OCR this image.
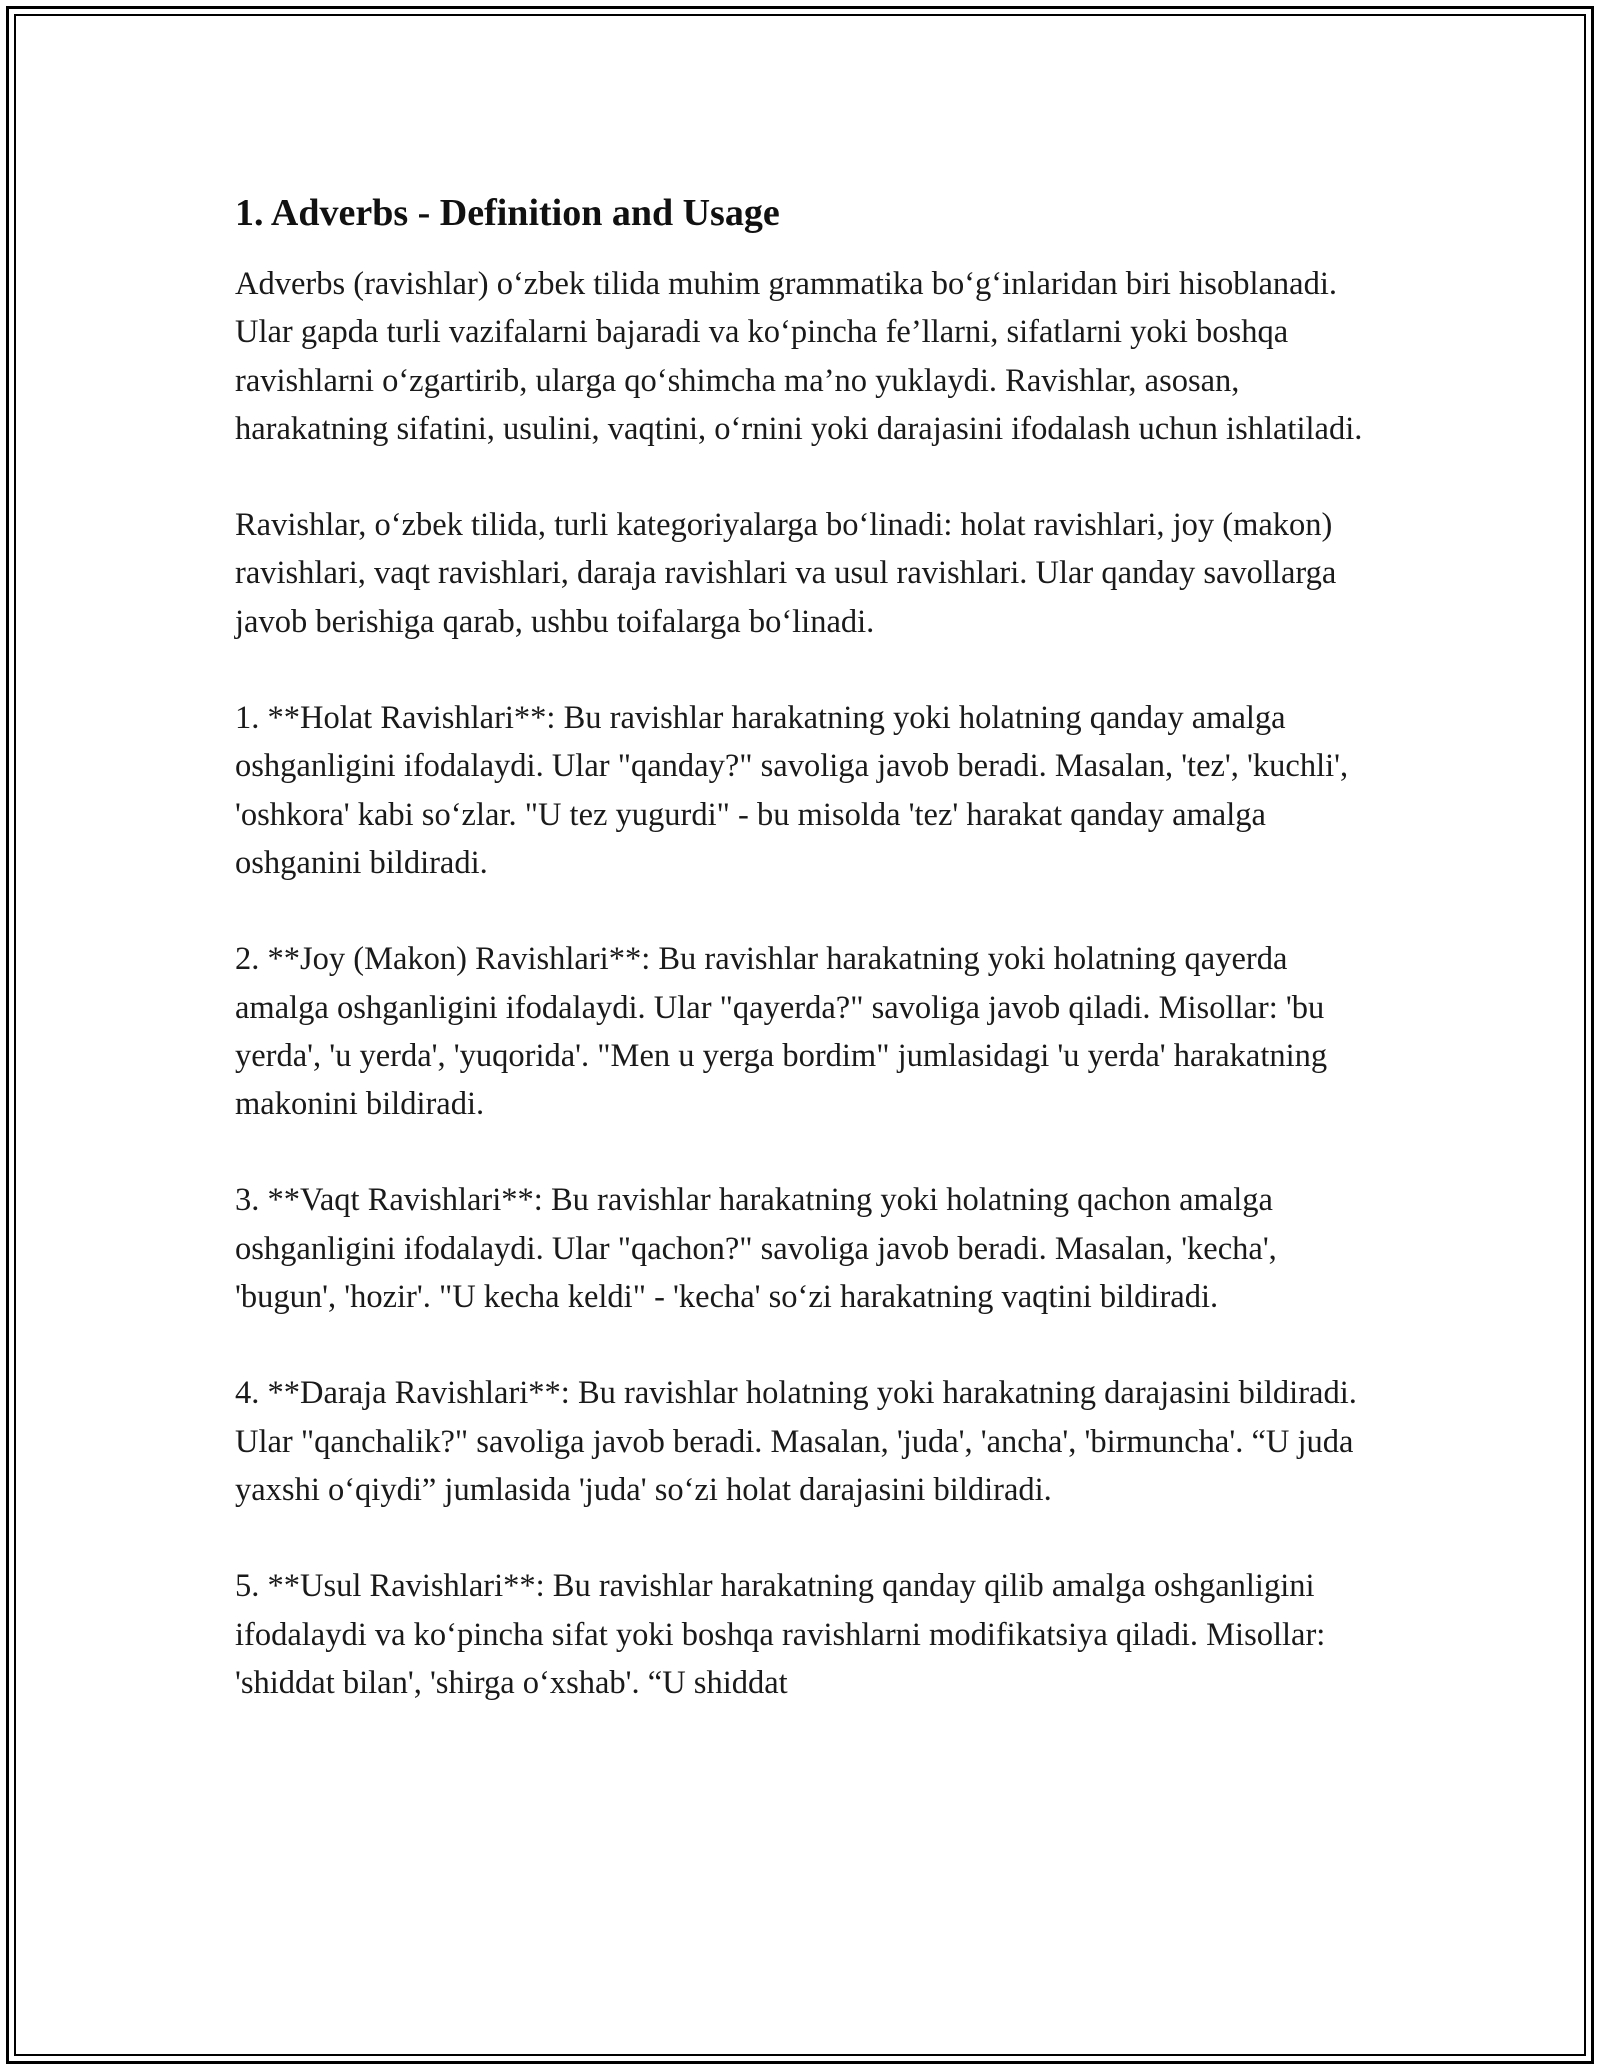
1. Adverbs - Definition and Usage

Adverbs (ravishlar) o‘zbek tilida muhim grammatika bo‘g‘inlaridan biri hisoblanadi. Ular gapda turli vazifalarni bajaradi va ko‘pincha fe’llarni, sifatlarni yoki boshqa ravishlarni o‘zgartirib, ularga qo‘shimcha ma’no yuklaydi. Ravishlar, asosan, harakatning sifatini, usulini, vaqtini, o‘rnini yoki darajasini ifodalash uchun ishlatiladi.

Ravishlar, o‘zbek tilida, turli kategoriyalarga bo‘linadi: holat ravishlari, joy (makon) ravishlari, vaqt ravishlari, daraja ravishlari va usul ravishlari. Ular qanday savollarga javob berishiga qarab, ushbu toifalarga bo‘linadi.

1. **Holat Ravishlari**: Bu ravishlar harakatning yoki holatning qanday amalga oshganligini ifodalaydi. Ular "qanday?" savoliga javob beradi. Masalan, 'tez', 'kuchli', 'oshkora' kabi so‘zlar. "U tez yugurdi" - bu misolda 'tez' harakat qanday amalga oshganini bildiradi.

2. **Joy (Makon) Ravishlari**: Bu ravishlar harakatning yoki holatning qayerda amalga oshganligini ifodalaydi. Ular "qayerda?" savoliga javob qiladi. Misollar: 'bu yerda', 'u yerda', 'yuqorida'. "Men u yerga bordim" jumlasidagi 'u yerda' harakatning makonini bildiradi.

3. **Vaqt Ravishlari**: Bu ravishlar harakatning yoki holatning qachon amalga oshganligini ifodalaydi. Ular "qachon?" savoliga javob beradi. Masalan, 'kecha', 'bugun', 'hozir'. "U kecha keldi" - 'kecha' so‘zi harakatning vaqtini bildiradi.

4. **Daraja Ravishlari**: Bu ravishlar holatning yoki harakatning darajasini bildiradi. Ular "qanchalik?" savoliga javob beradi. Masalan, 'juda', 'ancha', 'birmuncha'. “U juda yaxshi o‘qiydi” jumlasida 'juda' so‘zi holat darajasini bildiradi.

5. **Usul Ravishlari**: Bu ravishlar harakatning qanday qilib amalga oshganligini ifodalaydi va ko‘pincha sifat yoki boshqa ravishlarni modifikatsiya qiladi. Misollar: 'shiddat bilan', 'shirga o‘xshab'. “U shiddat
